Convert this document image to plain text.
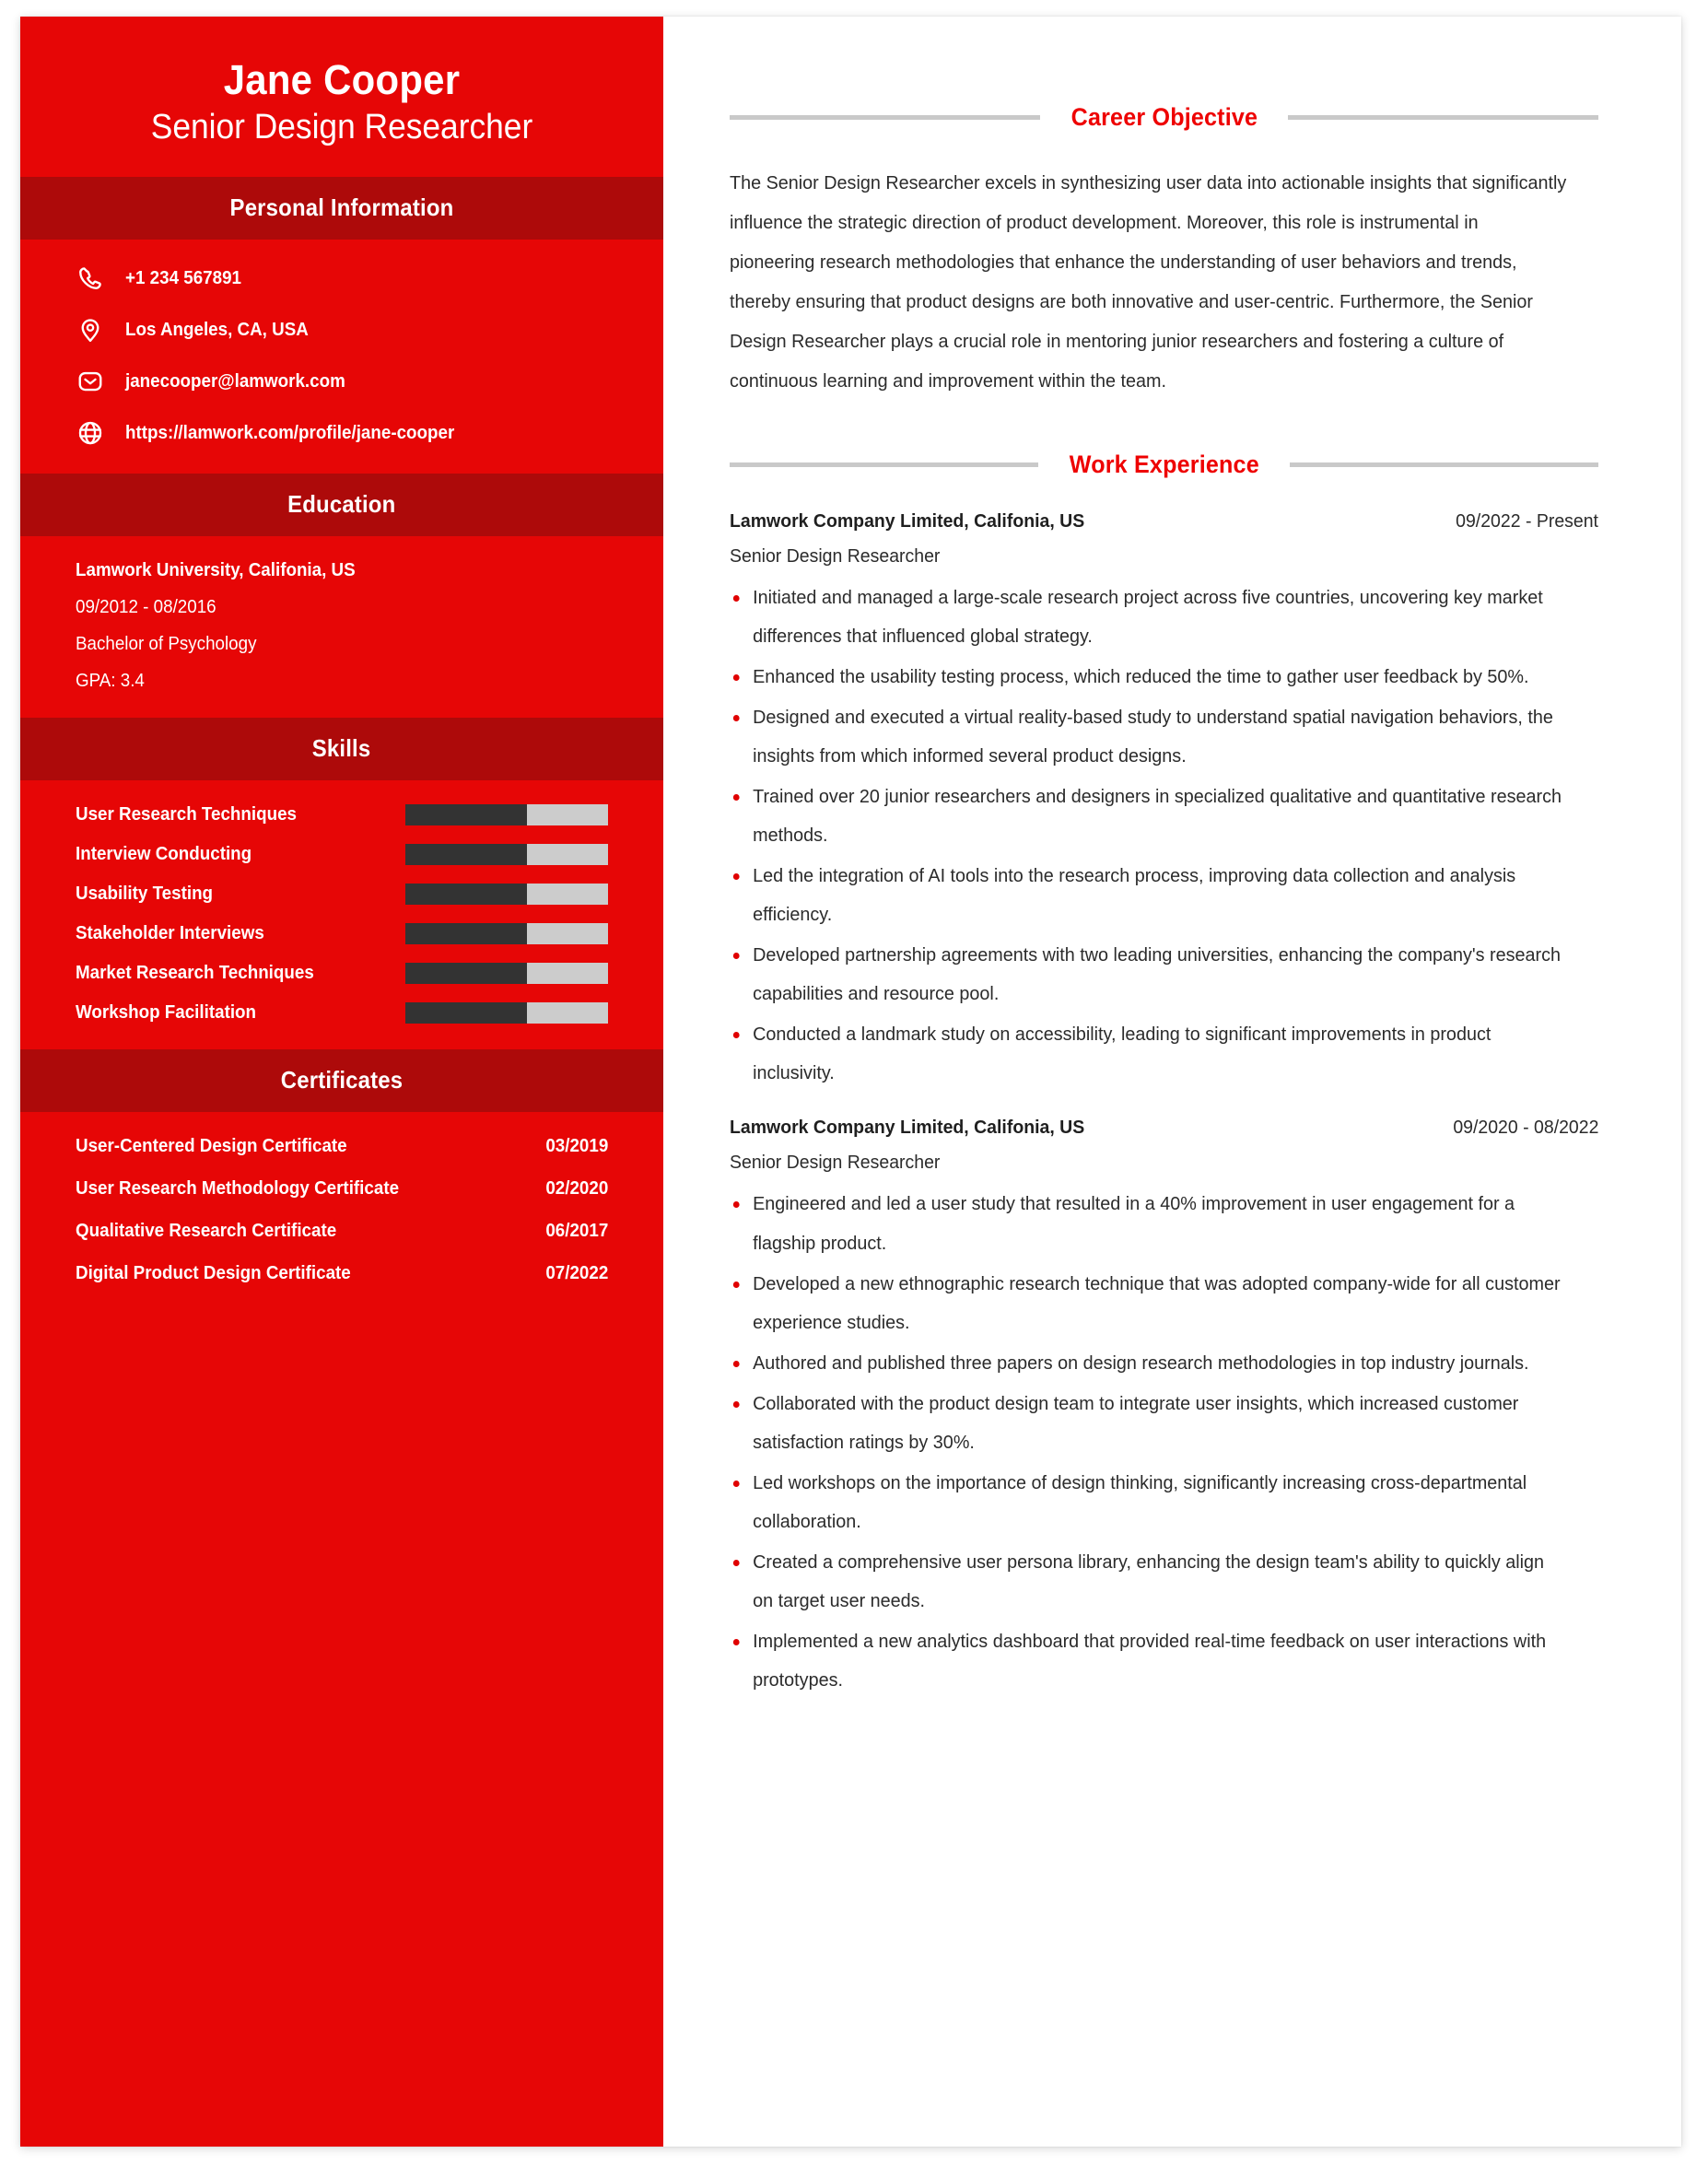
Jane Cooper
Senior Design Researcher
Personal Information
+1 234 567891
Los Angeles, CA, USA
janecooper@lamwork.com
https://lamwork.com/profile/jane-cooper
Education
Lamwork University, Califonia, US
09/2012 - 08/2016
Bachelor of Psychology
GPA: 3.4
Skills
User Research Techniques
Interview Conducting
Usability Testing
Stakeholder Interviews
Market Research Techniques
Workshop Facilitation
Certificates
User-Centered Design Certificate	03/2019
User Research Methodology Certificate	02/2020
Qualitative Research Certificate	06/2017
Digital Product Design Certificate	07/2022
Career Objective

The Senior Design Researcher excels in synthesizing user data into actionable insights that significantly influence the strategic direction of product development. Moreover, this role is instrumental in pioneering research methodologies that enhance the understanding of user behaviors and trends, thereby ensuring that product designs are both innovative and user-centric. Furthermore, the Senior Design Researcher plays a crucial role in mentoring junior researchers and fostering a culture of continuous learning and improvement within the team.

Work Experience
Lamwork Company Limited, Califonia, US	09/2022 - Present
Senior Design Researcher
Initiated and managed a large-scale research project across five countries, uncovering key market differences that influenced global strategy.
Enhanced the usability testing process, which reduced the time to gather user feedback by 50%.
Designed and executed a virtual reality-based study to understand spatial navigation behaviors, the insights from which informed several product designs.
Trained over 20 junior researchers and designers in specialized qualitative and quantitative research methods.
Led the integration of AI tools into the research process, improving data collection and analysis efficiency.
Developed partnership agreements with two leading universities, enhancing the company's research capabilities and resource pool.
Conducted a landmark study on accessibility, leading to significant improvements in product inclusivity.
Lamwork Company Limited, Califonia, US	09/2020 - 08/2022
Senior Design Researcher
Engineered and led a user study that resulted in a 40% improvement in user engagement for a flagship product.
Developed a new ethnographic research technique that was adopted company-wide for all customer experience studies.
Authored and published three papers on design research methodologies in top industry journals.
Collaborated with the product design team to integrate user insights, which increased customer satisfaction ratings by 30%.
Led workshops on the importance of design thinking, significantly increasing cross-departmental collaboration.
Created a comprehensive user persona library, enhancing the design team's ability to quickly align on target user needs.
Implemented a new analytics dashboard that provided real-time feedback on user interactions with prototypes.
